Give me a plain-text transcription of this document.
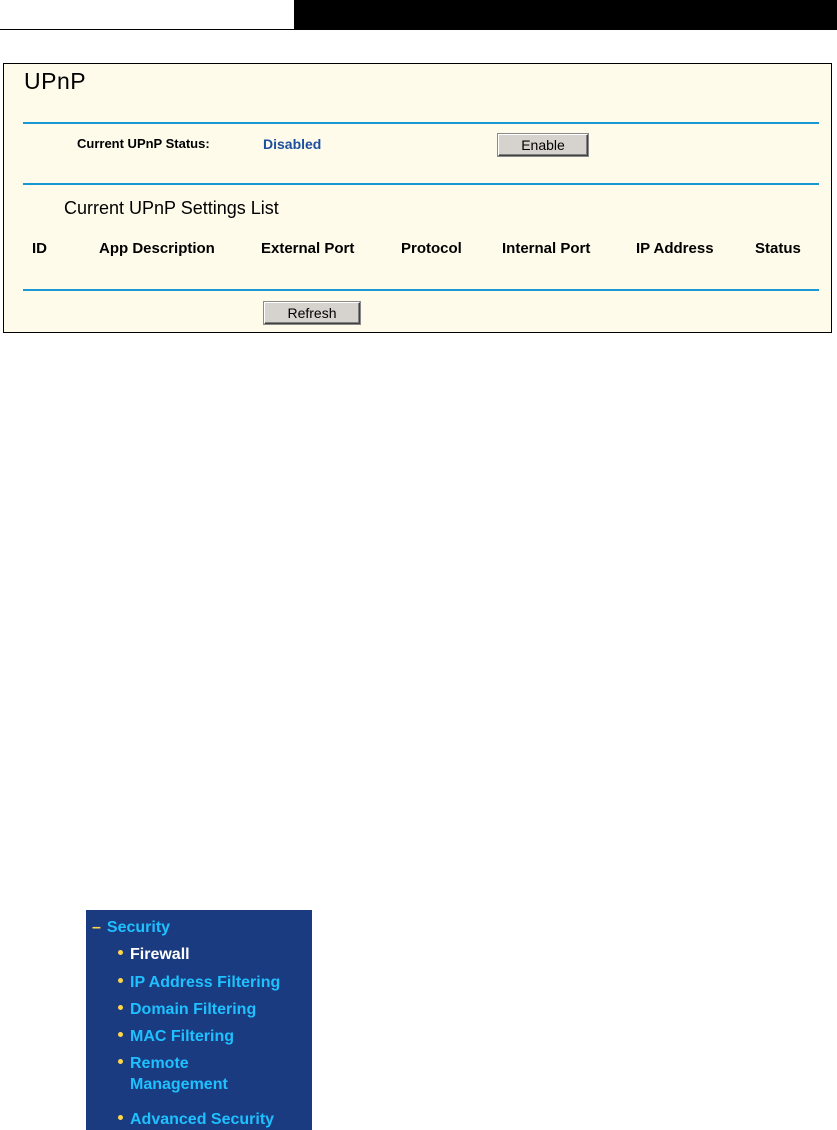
UPnP
Current UPnP Status:	Disabled	Enable
Current UPnP Settings List
ID	App Description	External Port	Protocol	Internal Port	IP Address	Status
Refresh
– Security
Firewall
IP Address Filtering
Domain Filtering
MAC Filtering
Remote Management
Advanced Security
